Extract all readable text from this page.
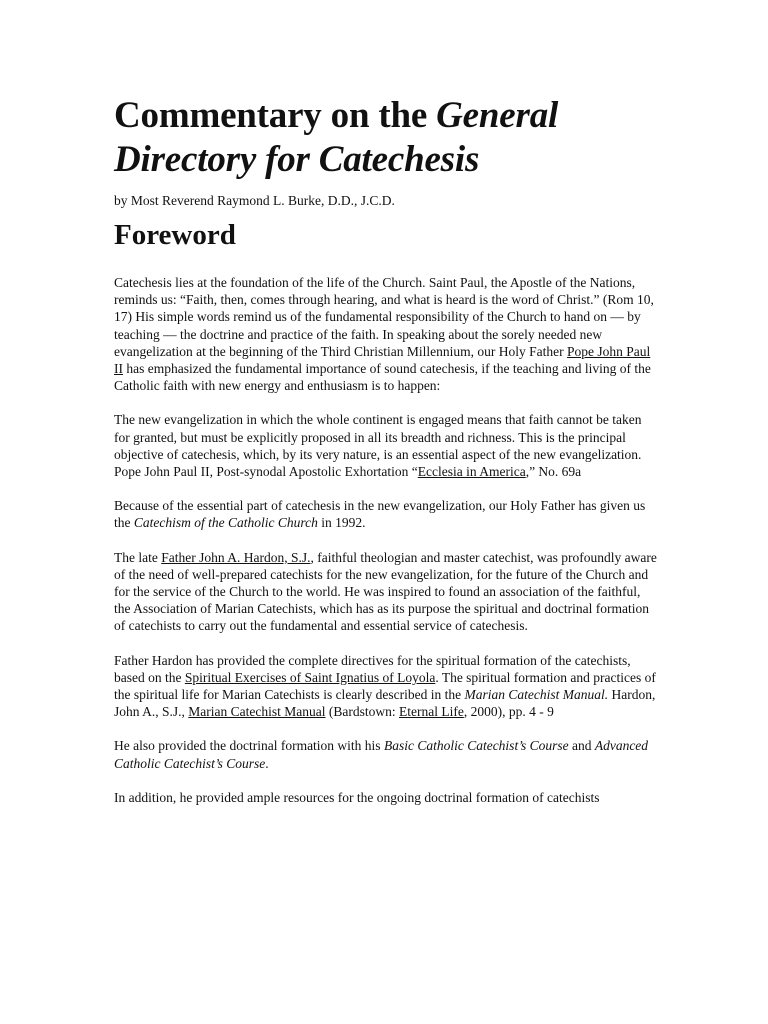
Commentary on the General Directory for Catechesis
by Most Reverend Raymond L. Burke, D.D., J.C.D.
Foreword

Catechesis lies at the foundation of the life of the Church. Saint Paul, the Apostle of the Nations, reminds us: “Faith, then, comes through hearing, and what is heard is the word of Christ.” (Rom 10, 17) His simple words remind us of the fundamental responsibility of the Church to hand on — by teaching — the doctrine and practice of the faith. In speaking about the sorely needed new evangelization at the beginning of the Third Christian Millennium, our Holy Father Pope John Paul II has emphasized the fundamental importance of sound catechesis, if the teaching and living of the Catholic faith with new energy and enthusiasm is to happen:

The new evangelization in which the whole continent is engaged means that faith cannot be taken for granted, but must be explicitly proposed in all its breadth and richness. This is the principal objective of catechesis, which, by its very nature, is an essential aspect of the new evangelization. Pope John Paul II, Post-synodal Apostolic Exhortation “Ecclesia in America,” No. 69a

Because of the essential part of catechesis in the new evangelization, our Holy Father has given us the Catechism of the Catholic Church in 1992.

The late Father John A. Hardon, S.J., faithful theologian and master catechist, was profoundly aware of the need of well-prepared catechists for the new evangelization, for the future of the Church and for the service of the Church to the world. He was inspired to found an association of the faithful, the Association of Marian Catechists, which has as its purpose the spiritual and doctrinal formation of catechists to carry out the fundamental and essential service of catechesis.

Father Hardon has provided the complete directives for the spiritual formation of the catechists, based on the Spiritual Exercises of Saint Ignatius of Loyola. The spiritual formation and practices of the spiritual life for Marian Catechists is clearly described in the Marian Catechist Manual. Hardon, John A., S.J., Marian Catechist Manual (Bardstown: Eternal Life, 2000), pp. 4 - 9

He also provided the doctrinal formation with his Basic Catholic Catechist’s Course and Advanced Catholic Catechist’s Course.

In addition, he provided ample resources for the ongoing doctrinal formation of catechists
